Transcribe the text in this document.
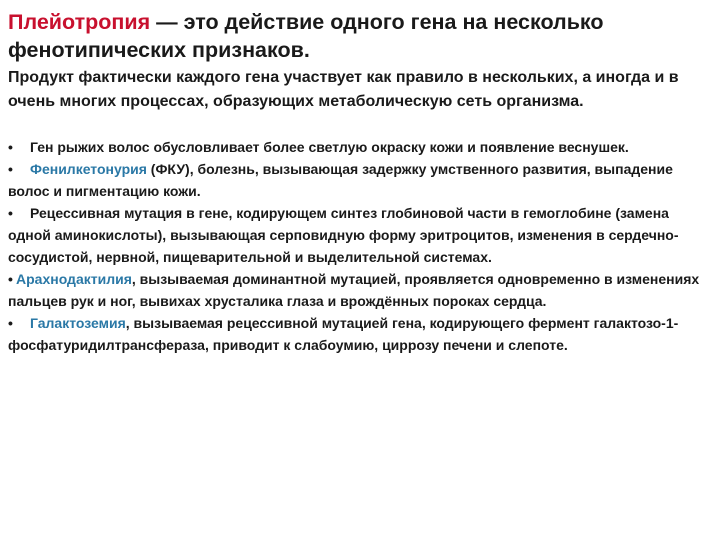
Плейотропия — это действие одного гена на несколько фенотипических признаков.
Продукт фактически каждого гена участвует как правило в нескольких, а иногда и в очень многих процессах, образующих метаболическую сеть организма.
• Ген рыжих волос обусловливает более светлую окраску кожи и появление веснушек.
• Фенилкетонурия (ФКУ), болезнь, вызывающая задержку умственного развития, выпадение волос и пигментацию кожи.
• Рецессивная мутация в гене, кодирующем синтез глобиновой части в гемоглобине (замена одной аминокислоты), вызывающая серповидную форму эритроцитов, изменения в сердечно-сосудистой, нервной, пищеварительной и выделительной системах.
• Арахнодактилия, вызываемая доминантной мутацией, проявляется одновременно в изменениях пальцев рук и ног, вывихах хрусталика глаза и врождённых пороках сердца.
• Галактоземия, вызываемая рецессивной мутацией гена, кодирующего фермент галактозо-1-фосфатуридилтрансфераза, приводит к слабоумию, циррозу печени и слепоте.
